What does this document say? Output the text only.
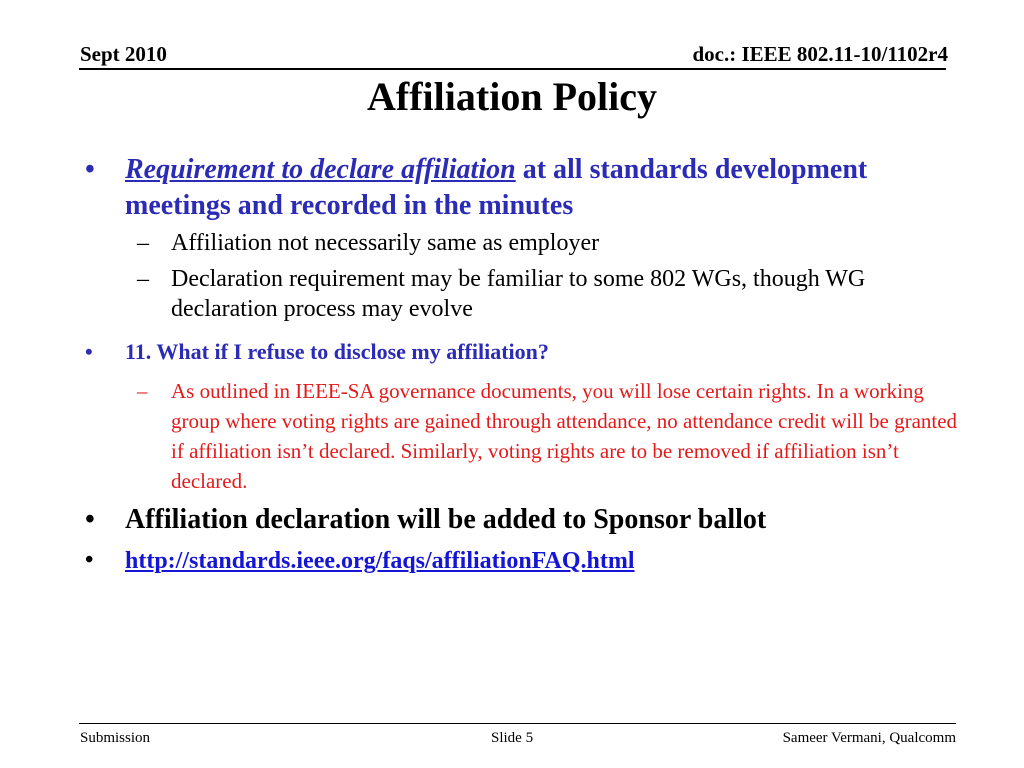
Sept 2010	doc.: IEEE 802.11-10/1102r4
Affiliation Policy
• Requirement to declare affiliation at all standards development meetings and recorded in the minutes
– Affiliation not necessarily same as employer
– Declaration requirement may be familiar to some 802 WGs, though WG declaration process may evolve
• 11. What if I refuse to disclose my affiliation?
– As outlined in IEEE-SA governance documents, you will lose certain rights. In a working group where voting rights are gained through attendance, no attendance credit will be granted if affiliation isn’t declared. Similarly, voting rights are to be removed if affiliation isn’t declared.
• Affiliation declaration will be added to Sponsor ballot
• http://standards.ieee.org/faqs/affiliationFAQ.html
Submission	Slide 5	Sameer Vermani, Qualcomm
